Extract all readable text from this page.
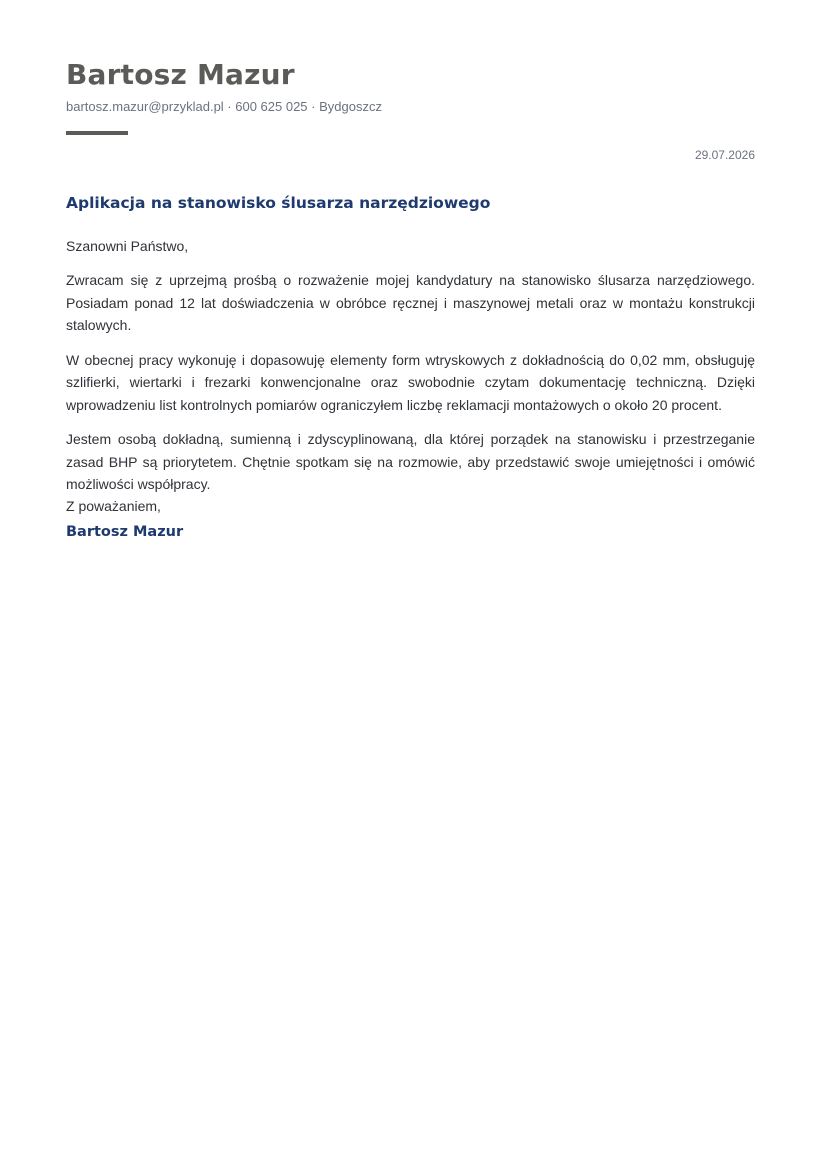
Bartosz Mazur
bartosz.mazur@przyklad.pl · 600 625 025 · Bydgoszcz
29.07.2026
Aplikacja na stanowisko ślusarza narzędziowego
Szanowni Państwo,

Zwracam się z uprzejmą prośbą o rozważenie mojej kandydatury na stanowisko ślusarza narzędziowego. Posiadam ponad 12 lat doświadczenia w obróbce ręcznej i maszynowej metali oraz w montażu konstrukcji stalowych.

W obecnej pracy wykonuję i dopasowuję elementy form wtryskowych z dokładnością do 0,02 mm, obsługuję szlifierki, wiertarki i frezarki konwencjonalne oraz swobodnie czytam dokumentację techniczną. Dzięki wprowadzeniu list kontrolnych pomiarów ograniczyłem liczbę reklamacji montażowych o około 20 procent.

Jestem osobą dokładną, sumienną i zdyscyplinowaną, dla której porządek na stanowisku i przestrzeganie zasad BHP są priorytetem. Chętnie spotkam się na rozmowie, aby przedstawić swoje umiejętności i omówić możliwości współpracy.

Z poważaniem,
Bartosz Mazur
